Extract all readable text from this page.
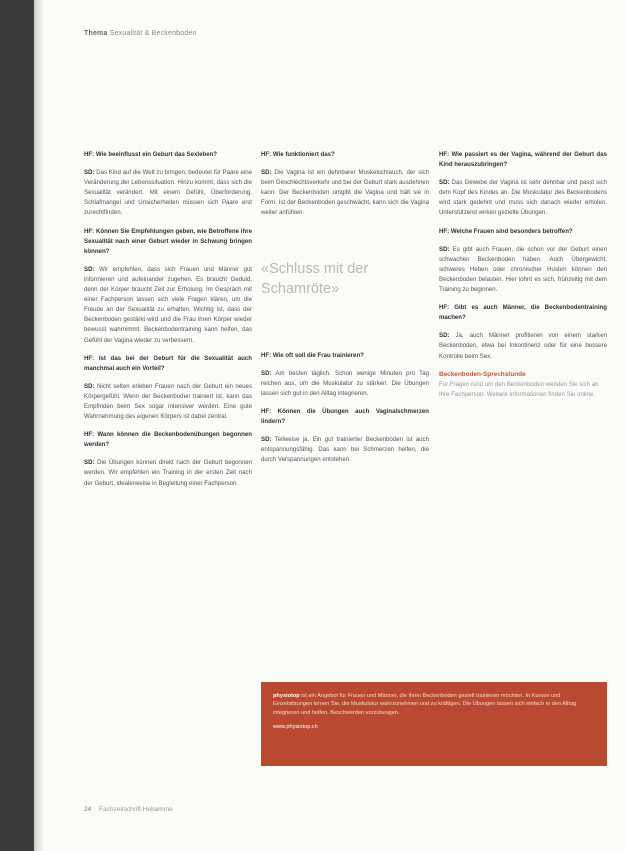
Thema Sexualität & Beckenboden

HF: Wie beeinflusst ein Geburt das Sexleben?

SD: Das Kind auf die Welt zu bringen, bedeutet für Paare eine Veränderung der Lebenssituation. Hinzu kommt, dass sich die Sexualität verändert. Mit einem Gefühl, Überforderung, Schlafmangel und Unsicherheiten müssen sich Paare erst zurechtfinden.

HF: Können Sie Empfehlungen geben, wie Betroffene ihre Sexualität nach einer Geburt wieder in Schwung bringen können?

SD: Wir empfehlen, dass sich Frauen und Männer gut informieren und aufeinander zugehen. Es braucht Geduld, denn der Körper braucht Zeit zur Erholung. Im Gespräch mit einer Fachperson lassen sich viele Fragen klären, um die Freude an der Sexualität zu erhalten. Wichtig ist, dass der Beckenboden gestärkt wird und die Frau ihren Körper wieder bewusst wahrnimmt. Beckenbodentraining kann helfen, das Gefühl der Vagina wieder zu verbessern.

HF: Ist das bei der Geburt für die Sexualität auch manchmal auch ein Vorteil?

SD: Nicht selten erleben Frauen nach der Geburt ein neues Körpergefühl. Wenn der Beckenboden trainiert ist, kann das Empfinden beim Sex sogar intensiver werden. Eine gute Wahrnehmung des eigenen Körpers ist dabei zentral.

HF: Wann können die Beckenbodenübungen begonnen werden?

SD: Die Übungen können direkt nach der Geburt begonnen werden. Wir empfehlen ein Training in der ersten Zeit nach der Geburt, idealerweise in Begleitung einer Fachperson.

HF: Wie funktioniert das?

SD: Die Vagina ist ein dehnbarer Muskelschlauch, der sich beim Geschlechtsverkehr und bei der Geburt stark ausdehnen kann. Der Beckenboden umgibt die Vagina und hält sie in Form. Ist der Beckenboden geschwächt, kann sich die Vagina weiter anfühlen.

«Schluss mit der Schamröte»

HF: Wie oft soll die Frau trainieren?

SD: Am besten täglich. Schon wenige Minuten pro Tag reichen aus, um die Muskulatur zu stärken. Die Übungen lassen sich gut in den Alltag integrieren.

HF: Können die Übungen auch Vaginalschmerzen lindern?

SD: Teilweise ja. Ein gut trainierter Beckenboden ist auch entspannungsfähig. Das kann bei Schmerzen helfen, die durch Verspannungen entstehen.

HF: Wie passiert es der Vagina, während der Geburt das Kind herauszubringen?

SD: Das Gewebe der Vagina ist sehr dehnbar und passt sich dem Kopf des Kindes an. Die Muskulatur des Beckenbodens wird stark gedehnt und muss sich danach wieder erholen. Unterstützend wirken gezielte Übungen.

HF: Welche Frauen sind besonders betroffen?

SD: Es gibt auch Frauen, die schon vor der Geburt einen schwachen Beckenboden haben. Auch Übergewicht, schweres Heben oder chronischer Husten können den Beckenboden belasten. Hier lohnt es sich, frühzeitig mit dem Training zu beginnen.

HF: Gibt es auch Männer, die Beckenbodentraining machen?

SD: Ja, auch Männer profitieren von einem starken Beckenboden, etwa bei Inkontinenz oder für eine bessere Kontrolle beim Sex.

Beckenboden-Sprechstunde
Für Fragen rund um den Beckenboden wenden Sie sich an Ihre Fachperson. Weitere Informationen finden Sie online.
physiotop ist ein Angebot für Frauen und Männer, die ihren Beckenboden gezielt trainieren möchten. In Kursen und Einzelsitzungen lernen Sie, die Muskulatur wahrzunehmen und zu kräftigen. Die Übungen lassen sich einfach in den Alltag integrieren und helfen, Beschwerden vorzubeugen.
www.physiotop.ch
24 Fachzeitschrift Hebamme
